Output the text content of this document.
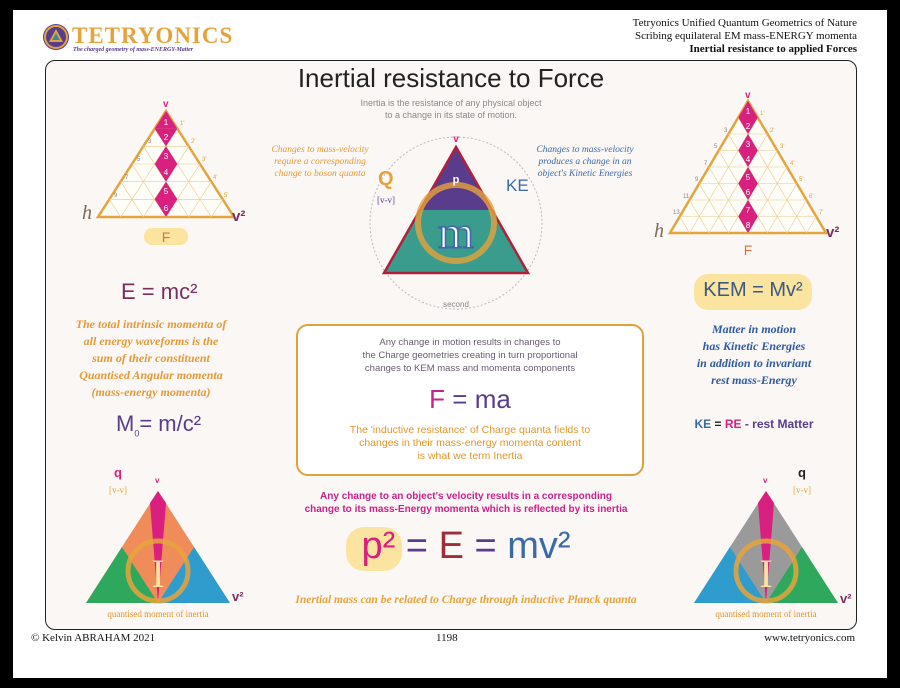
TETRYONICS
The charged geometry of mass-ENERGY-Matter
Tetryonics Unified Quantum Geometrics of Nature
Scribing equilateral EM mass-ENERGY momenta
Inertial resistance to applied Forces
Inertial resistance to Force
Inertia is the resistance of any physical object
to a change in its state of motion.
1
2
3
4
5
6
1'
2'
3'
4'
5'
3
5
7
9
v
h	v²
F
1
2
3
4
5
6
7
8
1'
2'
3'
4'
5'
6'
7'
3
5
7
9
11
13
v
h	v²
F
Changes to mass-velocity
require a corresponding
change to boson quanta
Changes to mass-velocity
produces a change in an
object's Kinetic Energies
v
p
m
Q
[v-v]
KE
second
E = mc²
The total intrinsic momenta of
all energy waveforms is the
sum of their constituent
Quantised Angular momenta
(mass-energy momenta)
$M_0= m/c^2$
KEM = Mv²
Matter in motion
has Kinetic Energies
in addition to invariant
rest mass-Energy
KE = RE - rest Matter
Any change in motion results in changes to
the Charge geometries creating in turn proportional
changes to KEM mass and momenta components
F = ma
The 'inductive resistance' of Charge quanta fields to
changes in their mass-energy momenta content
is what we term Inertia
Any change to an object's velocity results in a corresponding
change to its mass-Energy momenta which is reflected by its inertia
p² = E = mv²
Inertial mass can be related to Charge through inductive Planck quanta
I
q
[v-v]
v
v²
quantised moment of inertia
I
q
[v-v]
v
v²
quantised moment of inertia
© Kelvin ABRAHAM 2021	1198	www.tetryonics.com
